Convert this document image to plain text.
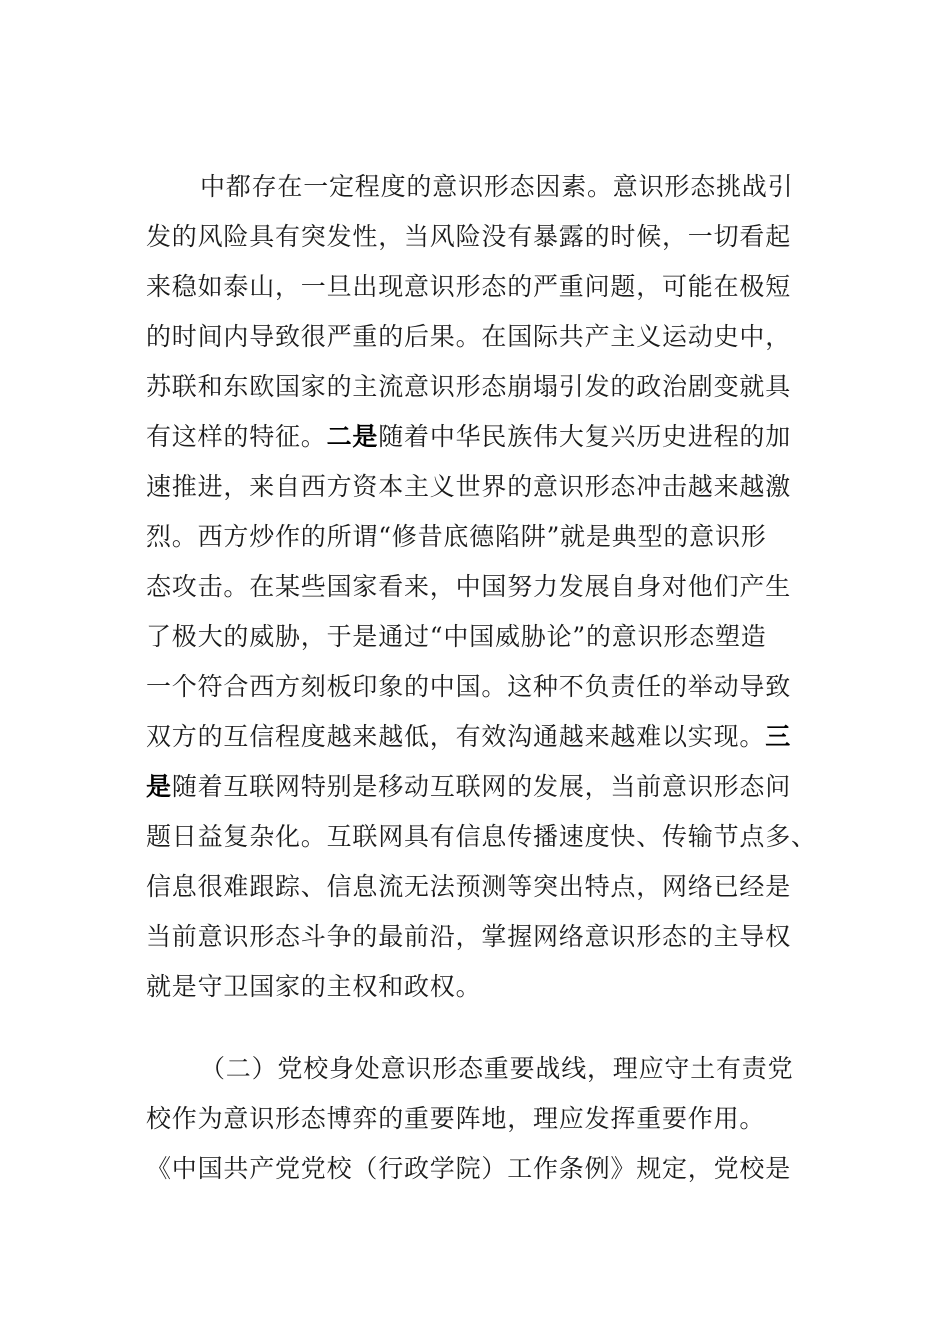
中都存在一定程度的意识形态因素。意识形态挑战引
发的风险具有突发性，当风险没有暴露的时候，一切看起
来稳如泰山，一旦出现意识形态的严重问题，可能在极短
的时间内导致很严重的后果。在国际共产主义运动史中，
苏联和东欧国家的主流意识形态崩塌引发的政治剧变就具
有这样的特征。二是随着中华民族伟大复兴历史进程的加
速推进，来自西方资本主义世界的意识形态冲击越来越激
烈。西方炒作的所谓“修昔底德陷阱”就是典型的意识形
态攻击。在某些国家看来，中国努力发展自身对他们产生
了极大的威胁，于是通过“中国威胁论”的意识形态塑造
一个符合西方刻板印象的中国。这种不负责任的举动导致
双方的互信程度越来越低，有效沟通越来越难以实现。三
是随着互联网特别是移动互联网的发展，当前意识形态问
题日益复杂化。互联网具有信息传播速度快、传输节点多、
信息很难跟踪、信息流无法预测等突出特点，网络已经是
当前意识形态斗争的最前沿，掌握网络意识形态的主导权
就是守卫国家的主权和政权。
（二）党校身处意识形态重要战线，理应守土有责党
校作为意识形态博弈的重要阵地，理应发挥重要作用。
《中国共产党党校（行政学院）工作条例》规定，党校是
